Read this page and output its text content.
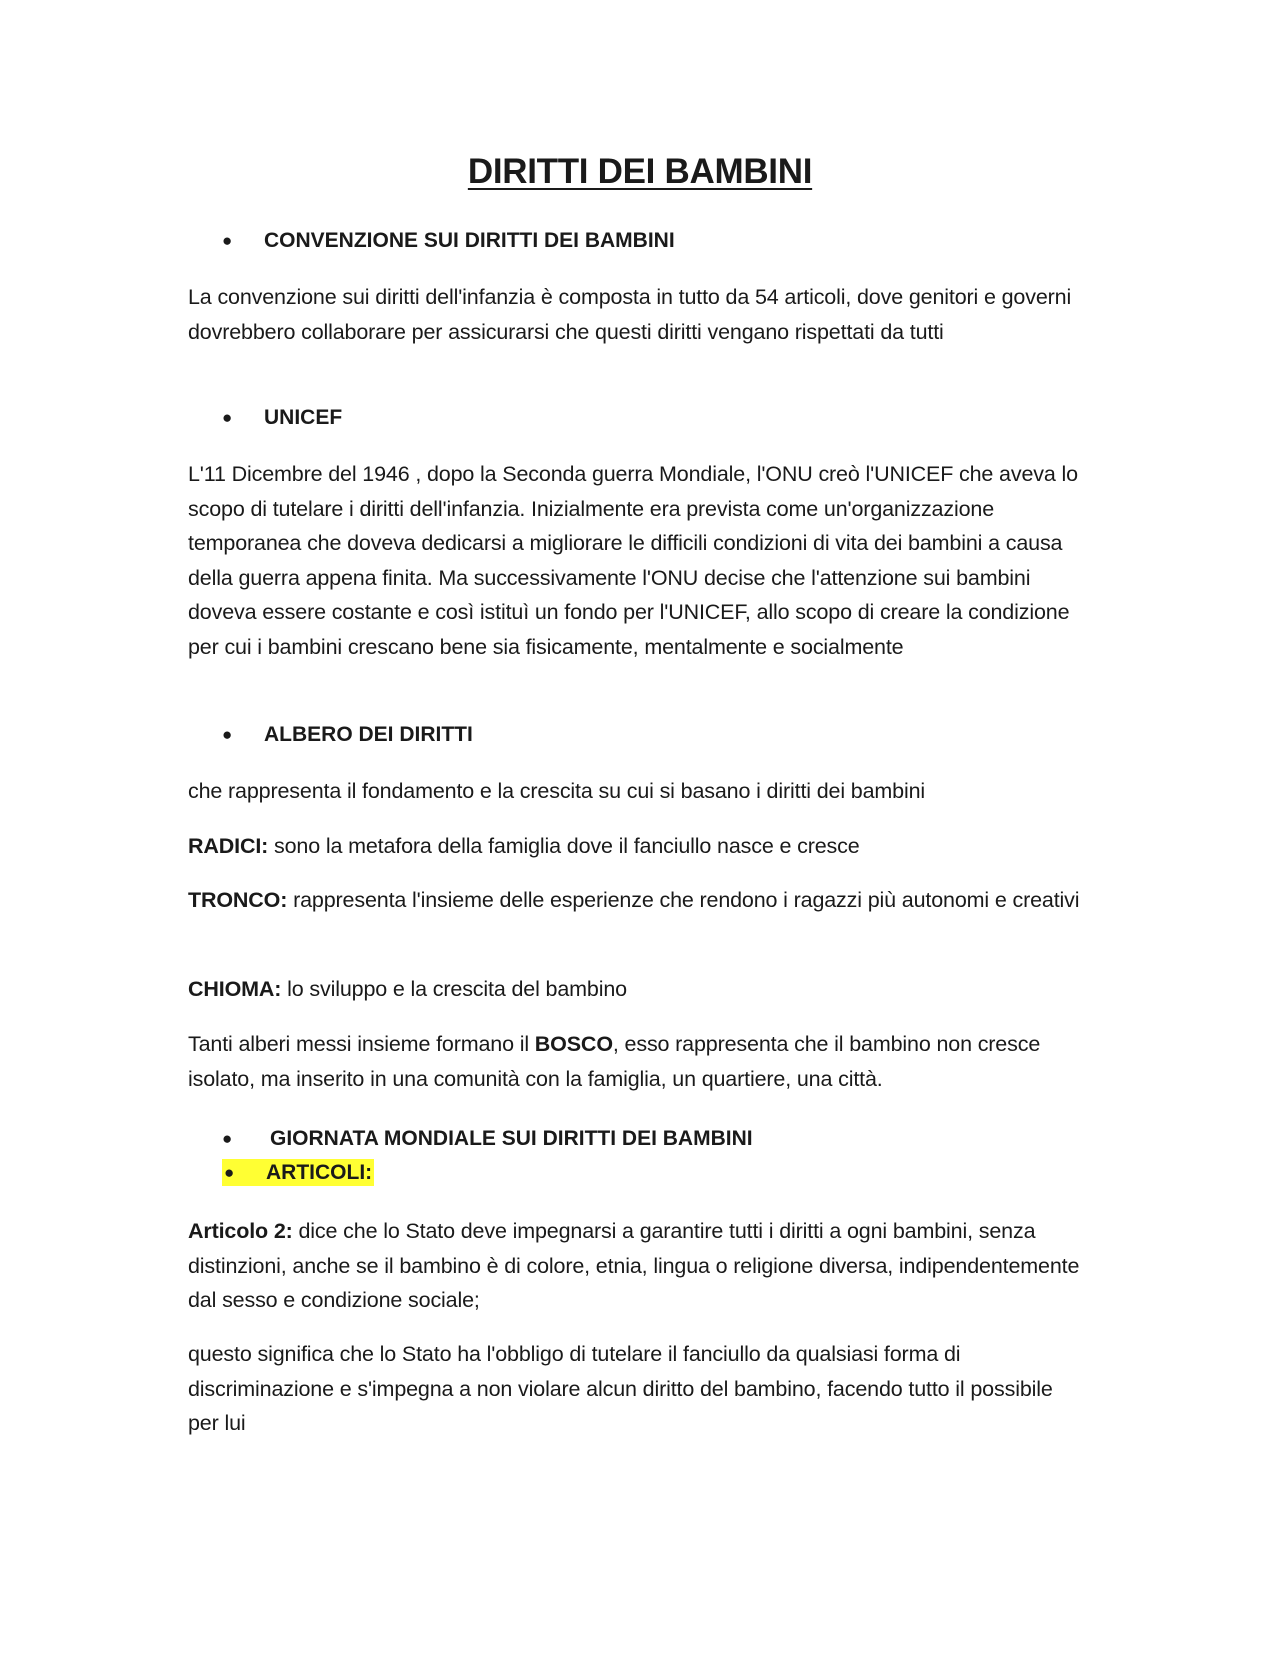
DIRITTI DEI BAMBINI
● CONVENZIONE SUI DIRITTI DEI BAMBINI
La convenzione sui diritti dell'infanzia è composta in tutto da 54 articoli, dove genitori e governi dovrebbero collaborare per assicurarsi che questi diritti vengano rispettati da tutti
● UNICEF
L'11 Dicembre del 1946 , dopo la Seconda guerra Mondiale, l'ONU creò l'UNICEF che aveva lo scopo di tutelare i diritti dell'infanzia. Inizialmente era prevista come un'organizzazione temporanea che doveva dedicarsi a migliorare le difficili condizioni di vita dei bambini a causa della guerra appena finita. Ma successivamente l'ONU decise che l'attenzione sui bambini doveva essere costante e così istituì un fondo per l'UNICEF, allo scopo di creare la condizione per cui i bambini crescano bene sia fisicamente, mentalmente e socialmente
● ALBERO DEI DIRITTI
che rappresenta il fondamento e la crescita su cui si basano i diritti dei bambini
RADICI: sono la metafora della famiglia dove il fanciullo nasce e cresce
TRONCO: rappresenta l'insieme delle esperienze che rendono i ragazzi più autonomi e creativi
CHIOMA: lo sviluppo e la crescita del bambino
Tanti alberi messi insieme formano il BOSCO, esso rappresenta che il bambino non cresce isolato, ma inserito in una comunità con la famiglia, un quartiere, una città.
● GIORNATA MONDIALE SUI DIRITTI DEI BAMBINI
● ARTICOLI:
Articolo 2: dice che lo Stato deve impegnarsi a garantire tutti i diritti a ogni bambini, senza distinzioni, anche se il bambino è di colore, etnia, lingua o religione diversa, indipendentemente dal sesso e condizione sociale;
questo significa che lo Stato ha l'obbligo di tutelare il fanciullo da qualsiasi forma di discriminazione e s'impegna a non violare alcun diritto del bambino, facendo tutto il possibile per lui
